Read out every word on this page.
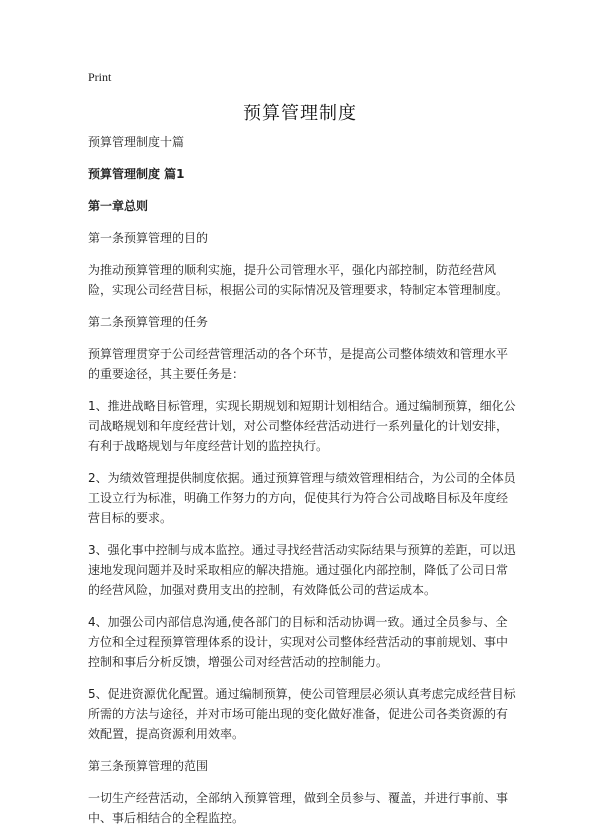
Print
预算管理制度

预算管理制度十篇

预算管理制度 篇1

第一章总则

第一条预算管理的目的

为推动预算管理的顺利实施，提升公司管理水平，强化内部控制，防范经营风险，实现公司经营目标，根据公司的实际情况及管理要求，特制定本管理制度。

第二条预算管理的任务

预算管理贯穿于公司经营管理活动的各个环节，是提高公司整体绩效和管理水平的重要途径，其主要任务是：

1、推进战略目标管理，实现长期规划和短期计划相结合。通过编制预算，细化公司战略规划和年度经营计划，对公司整体经营活动进行一系列量化的计划安排，有利于战略规划与年度经营计划的监控执行。

2、为绩效管理提供制度依据。通过预算管理与绩效管理相结合，为公司的全体员工设立行为标准，明确工作努力的方向，促使其行为符合公司战略目标及年度经营目标的要求。

3、强化事中控制与成本监控。通过寻找经营活动实际结果与预算的差距，可以迅速地发现问题并及时采取相应的解决措施。通过强化内部控制，降低了公司日常的经营风险，加强对费用支出的控制，有效降低公司的营运成本。

4、加强公司内部信息沟通,使各部门的目标和活动协调一致。通过全员参与、全方位和全过程预算管理体系的设计，实现对公司整体经营活动的事前规划、事中控制和事后分析反馈，增强公司对经营活动的控制能力。

5、促进资源优化配置。通过编制预算，使公司管理层必须认真考虑完成经营目标所需的方法与途径，并对市场可能出现的变化做好准备，促进公司各类资源的有效配置，提高资源利用效率。

第三条预算管理的范围

一切生产经营活动，全部纳入预算管理，做到全员参与、覆盖，并进行事前、事中、事后相结合的全程监控。
